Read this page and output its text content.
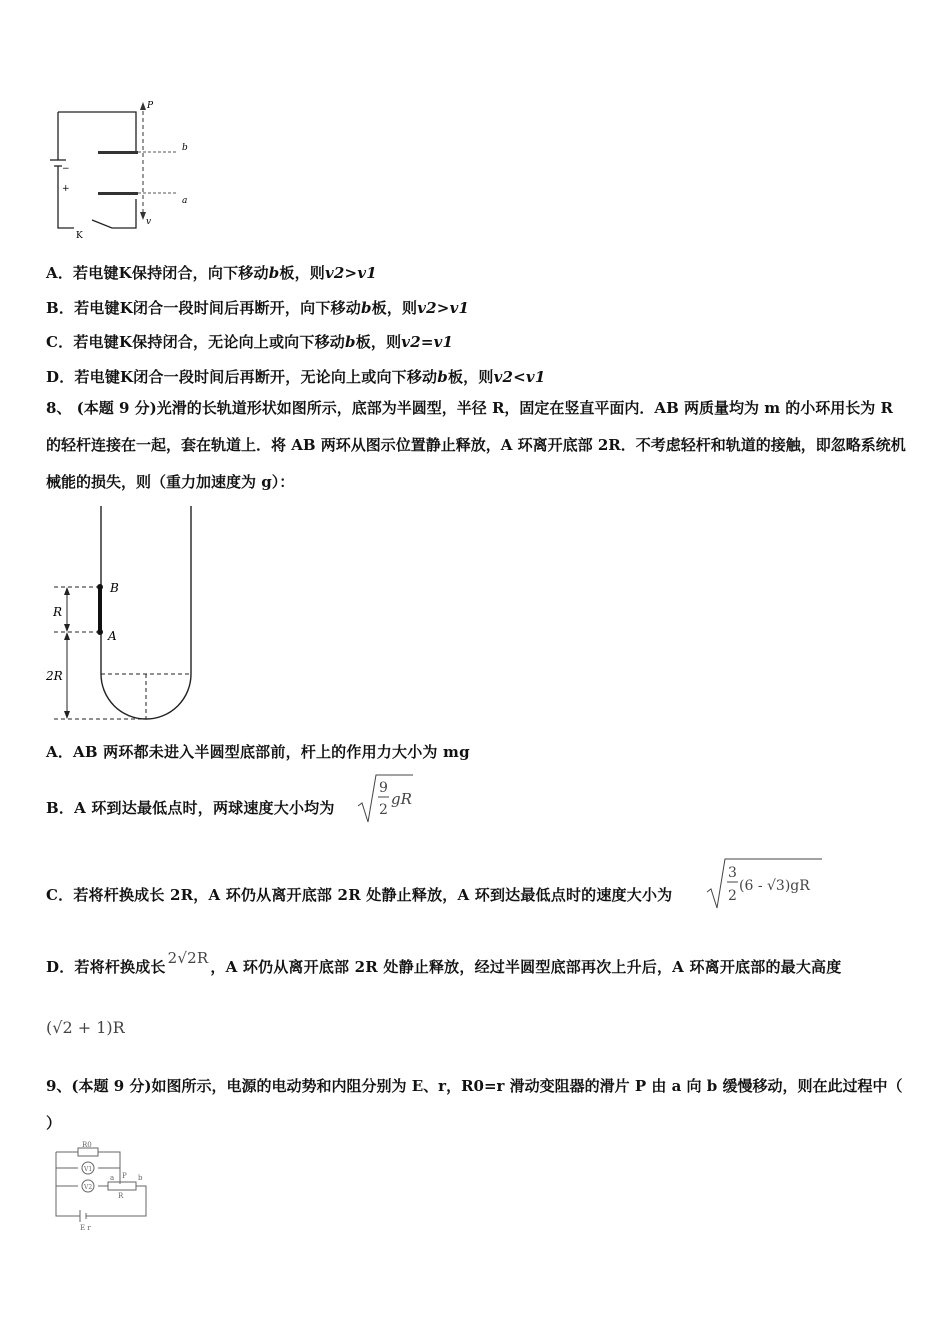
P
b
a
v
−
+
K
A．若电键K保持闭合，向下移动b板，则v2>v1
B．若电键K闭合一段时间后再断开，向下移动b板，则v2>v1
C．若电键K保持闭合，无论向上或向下移动b板，则v2=v1
D．若电键K闭合一段时间后再断开，无论向上或向下移动b板，则v2<v1
8、 (本题 9 分)光滑的长轨道形状如图所示，底部为半圆型，半径 R，固定在竖直平面内．AB 两质量均为 m 的小环用长为 R 的轻杆连接在一起，套在轨道上．将 AB 两环从图示位置静止释放，A 环离开底部 2R．不考虑轻杆和轨道的接触，即忽略系统机械能的损失，则（重力加速度为 g）：
B
A
R
2R
A．AB 两环都未进入半圆型底部前，杆上的作用力大小为 mg
B．A 环到达最低点时，两球速度大小均为
9
2
gR
C．若将杆换成长 2R，A 环仍从离开底部 2R 处静止释放，A 环到达最低点时的速度大小为
3
2
(6 - √3)gR
D．若将杆换成长 2√2R ，A 环仍从离开底部 2R 处静止释放，经过半圆型底部再次上升后，A 环离开底部的最大高度
(√2 + 1)R
9、(本题 9 分)如图所示，电源的电动势和内阻分别为 E、r，R0=r 滑动变阻器的滑片 P 由 a 向 b 缓慢移动，则在此过程中（ ）
R0
V1
V2
R
P
a	b
E r
